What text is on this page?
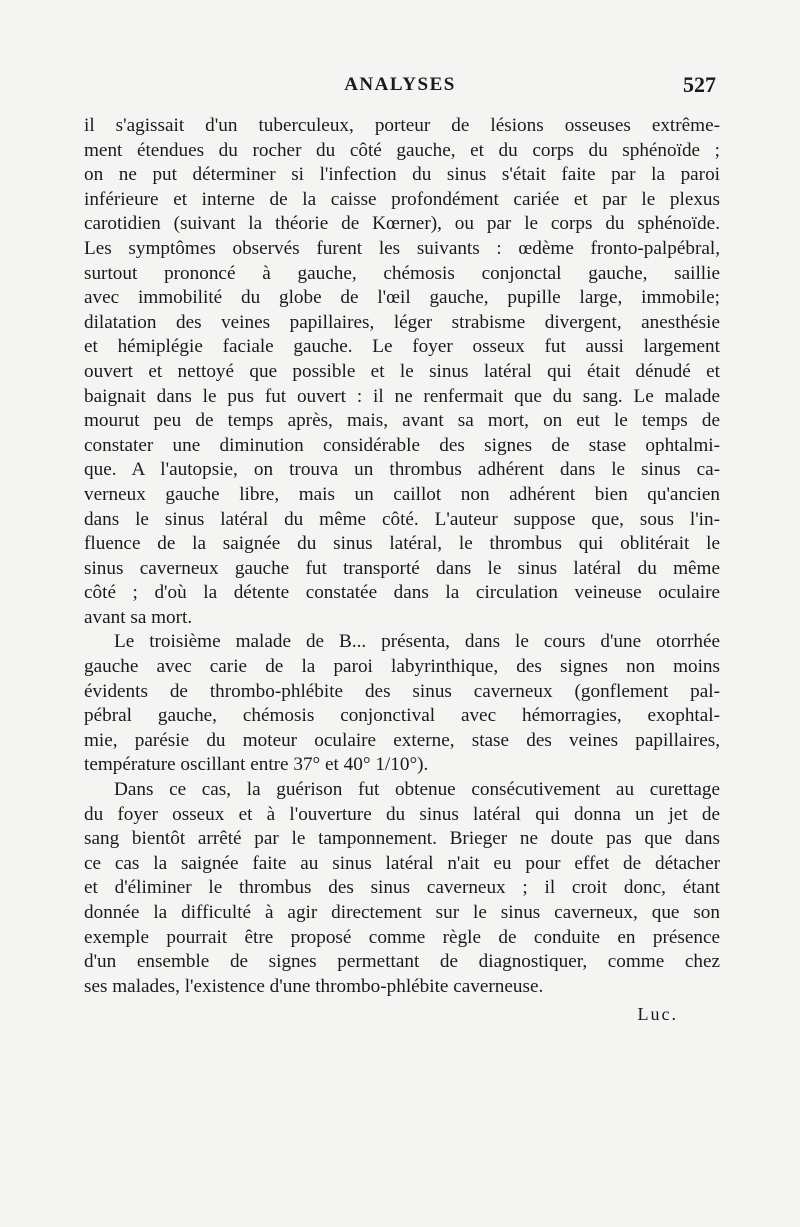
ANALYSES	527
il s'agissait d'un tuberculeux, porteur de lésions osseuses extrême-
ment étendues du rocher du côté gauche, et du corps du sphénoïde ;
on ne put déterminer si l'infection du sinus s'était faite par la paroi
inférieure et interne de la caisse profondément cariée et par le plexus
carotidien (suivant la théorie de Kœrner), ou par le corps du sphénoïde.
Les symptômes observés furent les suivants : œdème fronto-palpébral,
surtout prononcé à gauche, chémosis conjonctal gauche, saillie
avec immobilité du globe de l'œil gauche, pupille large, immobile;
dilatation des veines papillaires, léger strabisme divergent, anesthésie
et hémiplégie faciale gauche. Le foyer osseux fut aussi largement
ouvert et nettoyé que possible et le sinus latéral qui était dénudé et
baignait dans le pus fut ouvert : il ne renfermait que du sang. Le malade
mourut peu de temps après, mais, avant sa mort, on eut le temps de
constater une diminution considérable des signes de stase ophtalmi-
que. A l'autopsie, on trouva un thrombus adhérent dans le sinus ca-
verneux gauche libre, mais un caillot non adhérent bien qu'ancien
dans le sinus latéral du même côté. L'auteur suppose que, sous l'in-
fluence de la saignée du sinus latéral, le thrombus qui oblitérait le
sinus caverneux gauche fut transporté dans le sinus latéral du même
côté ; d'où la détente constatée dans la circulation veineuse oculaire
avant sa mort.
Le troisième malade de B... présenta, dans le cours d'une otorrhée
gauche avec carie de la paroi labyrinthique, des signes non moins
évidents de thrombo-phlébite des sinus caverneux (gonflement pal-
pébral gauche, chémosis conjonctival avec hémorragies, exophtal-
mie, parésie du moteur oculaire externe, stase des veines papillaires,
température oscillant entre 37° et 40° 1/10°).
Dans ce cas, la guérison fut obtenue consécutivement au curettage
du foyer osseux et à l'ouverture du sinus latéral qui donna un jet de
sang bientôt arrêté par le tamponnement. Brieger ne doute pas que dans
ce cas la saignée faite au sinus latéral n'ait eu pour effet de détacher
et d'éliminer le thrombus des sinus caverneux ; il croit donc, étant
donnée la difficulté à agir directement sur le sinus caverneux, que son
exemple pourrait être proposé comme règle de conduite en présence
d'un ensemble de signes permettant de diagnostiquer, comme chez
ses malades, l'existence d'une thrombo-phlébite caverneuse.
Luc.
